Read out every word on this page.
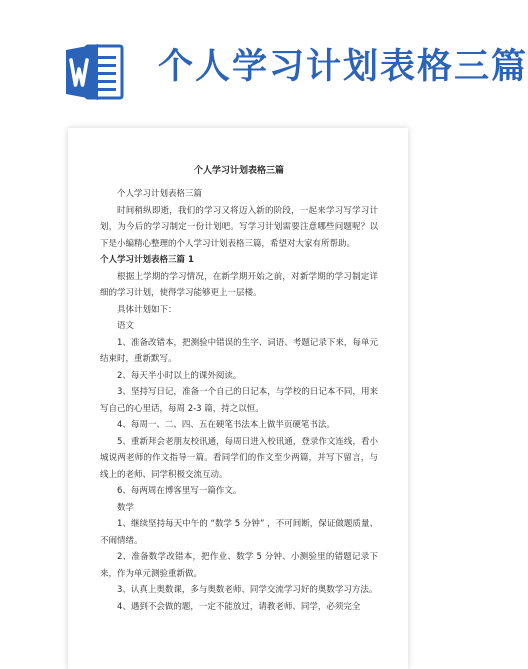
个人学习计划表格三篇
个人学习计划表格三篇

个人学习计划表格三篇

时间稍纵即逝，我们的学习又将迈入新的阶段，一起来学习写学习计划，为今后的学习制定一份计划吧。写学习计划需要注意哪些问题呢？以下是小编精心整理的个人学习计划表格三篇，希望对大家有所帮助。

个人学习计划表格三篇 1

根据上学期的学习情况，在新学期开始之前，对新学期的学习制定详细的学习计划，使得学习能够更上一层楼。

具体计划如下：

语文

1、准备改错本，把测验中错误的生字、词语、考题记录下来，每单元结束时，重新默写。

2、每天半小时以上的课外阅读。

3、坚持写日记，准备一个自己的日记本，与学校的日记本不同，用来写自己的心里话，每周 2-3 篇，持之以恒。

4、每周一、二、四、五在硬笔书法本上做半页硬笔书法。

5、重新拜会老朋友校讯通，每周日进入校讯通，登录作文连线，看小城说两老师的作文指导一篇。看同学们的作文至少两篇，并写下留言，与线上的老师、同学积极交流互动。

6、每两周在博客里写一篇作文。

数学

1、继续坚持每天中午的 “数学 5 分钟” ，不可间断，保证做题质量、不闹情绪。

2、准备数学改错本，把作业、数学 5 分钟、小测验里的错题记录下来，作为单元测验重新做。

3、认真上奥数课，多与奥数老师、同学交流学习好的奥数学习方法。

4、遇到不会做的题，一定不能放过，请教老师、同学，必须完全
